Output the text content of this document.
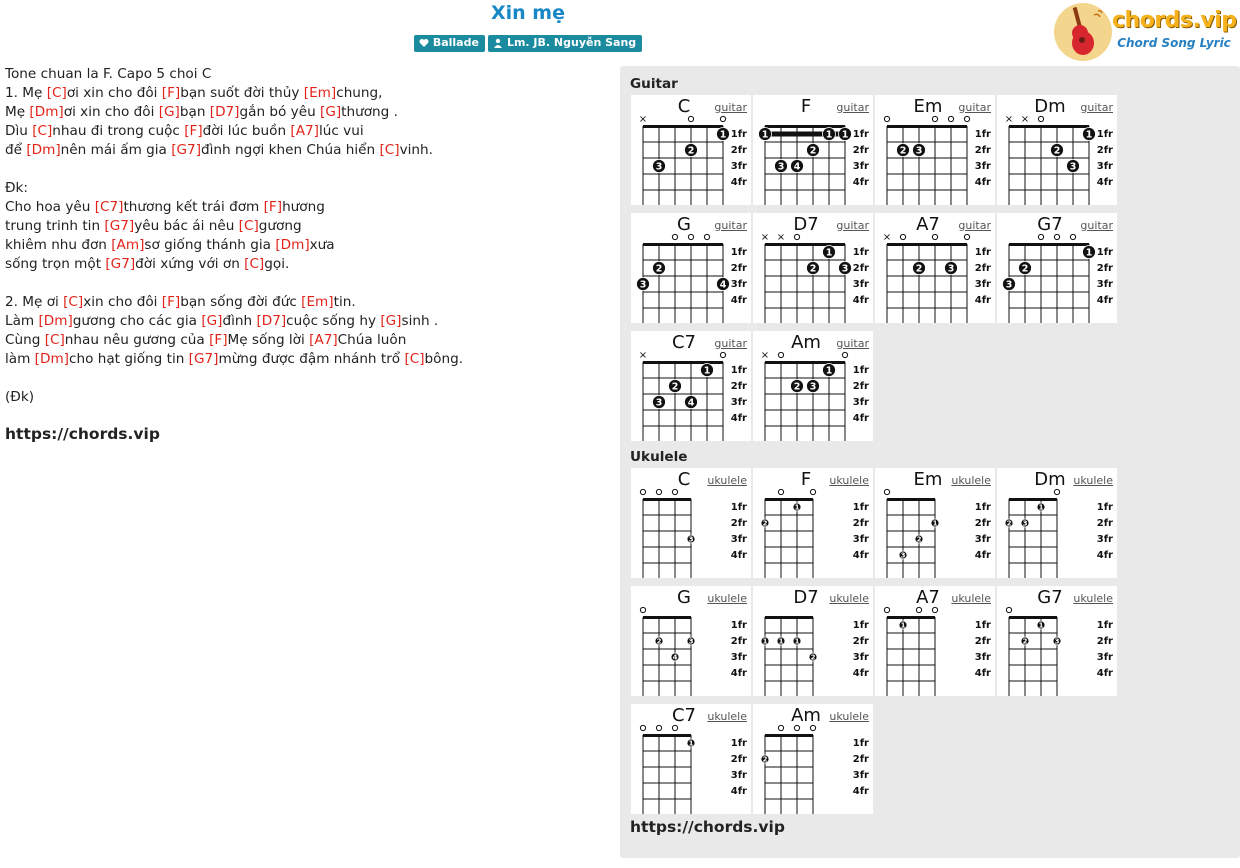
Xin mẹ
Ballade	Lm. JB. Nguyễn Sang
chords.vip
Chord Song Lyric
Tone chuan la F. Capo 5 choi C
1. Mẹ [C]ơi xin cho đôi [F]bạn suốt đời thủy [Em]chung,
Mẹ [Dm]ơi xin cho đôi [G]bạn [D7]gắn bó yêu [G]thương .
Dìu [C]nhau đi trong cuộc [F]đời lúc buồn [A7]lúc vui
để [Dm]nên mái ấm gia [G7]đình ngợi khen Chúa hiển [C]vinh.
Đk:
Cho hoa yêu [C7]thương kết trái đơm [F]hương
trung trinh tin [G7]yêu bác ái nêu [C]gương
khiêm nhu đơn [Am]sơ giống thánh gia [Dm]xưa
sống trọn một [G7]đời xứng với ơn [C]gọi.
2. Mẹ ơi [C]xin cho đôi [F]bạn sống đời đức [Em]tin.
Làm [Dm]gương cho các gia [G]đình [D7]cuộc sống hy [G]sinh .
Cùng [C]nhau nêu gương của [F]Mẹ sống lời [A7]Chúa luôn
làm [Dm]cho hạt giống tin [G7]mừng được đậm nhánh trổ [C]bông.
(Đk)
https://chords.vip
Guitar
×
1
2
3
1fr
2fr
3fr
4fr
C	guitar
1	1 1
2
3 4
1fr
2fr
3fr
4fr
F	guitar
2 3
1fr
2fr
3fr
4fr
Em	guitar
× ×
1
2
3
1fr
2fr
3fr
4fr
Dm	guitar
2
3	4
1fr
2fr
3fr
4fr
G	guitar
× ×
1
2	3
1fr
2fr
3fr
4fr
D7	guitar
×
2	3
1fr
2fr
3fr
4fr
A7	guitar
1
2
3
1fr
2fr
3fr
4fr
G7	guitar
×
1
2
3	4
1fr
2fr
3fr
4fr
C7	guitar
×
1
2 3
1fr
2fr
3fr
4fr
Am	guitar
Ukulele
3
1fr
2fr
3fr
4fr
C	ukulele
2
1	1fr
2fr
3fr
4fr
F	ukulele
3
2
1
1fr
2fr
3fr
4fr
Em ukulele
2 3
1	1fr
2fr
3fr
4fr
Dm ukulele
2
4
3
1fr
2fr
3fr
4fr
G	ukulele
1 1 1
2
1fr
2fr
3fr
4fr
D7 ukulele
1	1fr
2fr
3fr
4fr
A7	ukulele
2
1
3
1fr
2fr
3fr
4fr
G7 ukulele
1	1fr
2fr
3fr
4fr
C7	ukulele
2
1fr
2fr
3fr
4fr
Am ukulele
https://chords.vip
